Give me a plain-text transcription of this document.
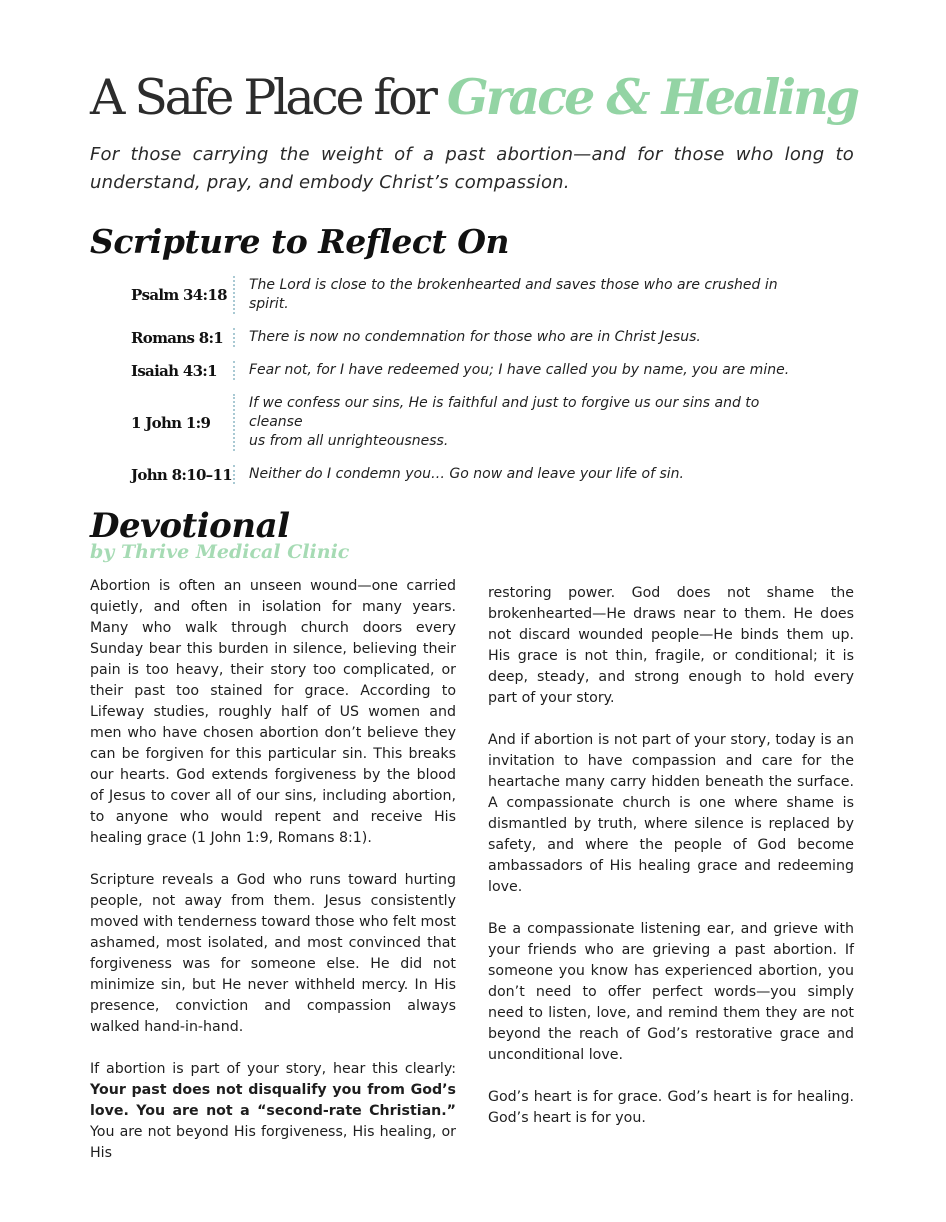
A Safe Place for Grace & Healing
For those carrying the weight of a past abortion—and for those who long to understand, pray, and embody Christ’s compassion.
Scripture to Reflect On
Psalm 34:18
The Lord is close to the brokenhearted and saves those who are crushed in spirit.
Romans 8:1	There is now no condemnation for those who are in Christ Jesus.
Isaiah 43:1	Fear not, for I have redeemed you; I have called you by name, you are mine.
1 John 1:9
If we confess our sins, He is faithful and just to forgive us our sins and to cleanse
us from all unrighteousness.
John 8:10–11 Neither do I condemn you… Go now and leave your life of sin.
Devotional
by Thrive Medical Clinic

Abortion is often an unseen wound—one carried quietly, and often in isolation for many years. Many who walk through church doors every Sunday bear this burden in silence, believing their pain is too heavy, their story too complicated, or their past too stained for grace. According to Lifeway studies, roughly half of US women and men who have chosen abortion don’t believe they can be forgiven for this particular sin. This breaks our hearts. God extends forgiveness by the blood of Jesus to cover all of our sins, including abortion, to anyone who would repent and receive His healing grace (1 John 1:9, Romans 8:1).

Scripture reveals a God who runs toward hurting people, not away from them. Jesus consistently moved with tenderness toward those who felt most ashamed, most isolated, and most convinced that forgiveness was for someone else. He did not minimize sin, but He never withheld mercy. In His presence, conviction and compassion always walked hand-in-hand.

If abortion is part of your story, hear this clearly: Your past does not disqualify you from God’s love. You are not a “second-rate Christian.” You are not beyond His forgiveness, His healing, or His

restoring power. God does not shame the brokenhearted—He draws near to them. He does not discard wounded people—He binds them up. His grace is not thin, fragile, or conditional; it is deep, steady, and strong enough to hold every part of your story.

And if abortion is not part of your story, today is an invitation to have compassion and care for the heartache many carry hidden beneath the surface. A compassionate church is one where shame is dismantled by truth, where silence is replaced by safety, and where the people of God become ambassadors of His healing grace and redeeming love.

Be a compassionate listening ear, and grieve with your friends who are grieving a past abortion. If someone you know has experienced abortion, you don’t need to offer perfect words—you simply need to listen, love, and remind them they are not beyond the reach of God’s restorative grace and unconditional love.

God’s heart is for grace. God’s heart is for healing. God’s heart is for you.
